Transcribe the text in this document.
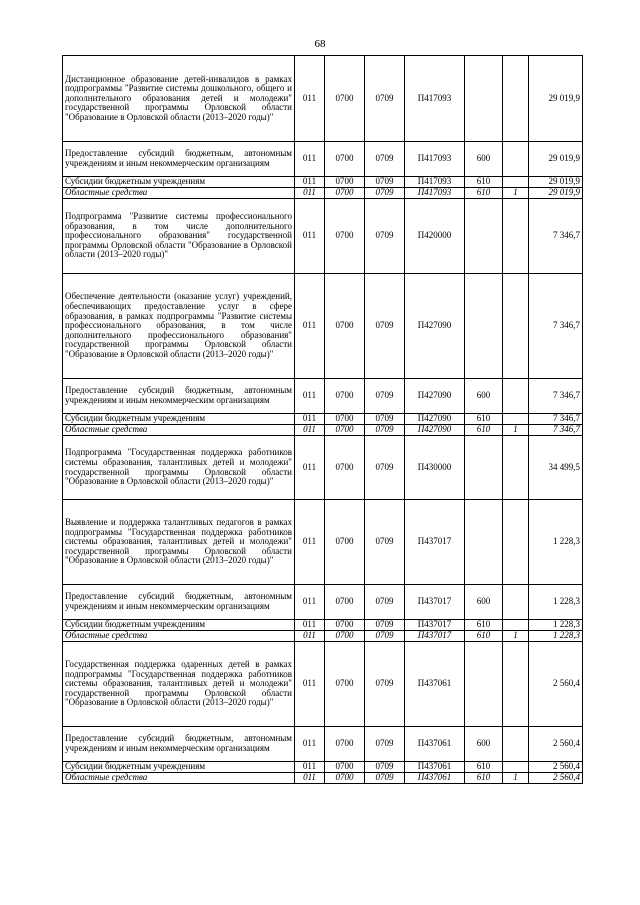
68
Дистанционное образование детей-инвалидов в рамках подпрограммы "Развитие системы дошкольного, общего и дополнительного образования детей и молодежи" государственной программы Орловской области "Образование в Орловской области (2013–2020 годы)"	011	0700	0709	П417093			29 019,9
Предоставление субсидий бюджетным, автономным учреждениям и иным некоммерческим организациям	011	0700	0709	П417093	600		29 019,9
Субсидии бюджетным учреждениям	011	0700	0709	П417093	610		29 019,9
Областные средства	011	0700	0709	П417093	610	1	29 019,9
Подпрограмма "Развитие системы профессионального образования, в том числе дополнительного профессионального образования" государственной программы Орловской области "Образование в Орловской области (2013–2020 годы)"	011	0700	0709	П420000			7 346,7
Обеспечение деятельности (оказание услуг) учреждений, обеспечивающих предоставление услуг в сфере образования, в рамках подпрограммы "Развитие системы профессионального образования, в том числе дополнительного профессионального образования" государственной программы Орловской области "Образование в Орловской области (2013–2020 годы)"	011	0700	0709	П427090			7 346,7
Предоставление субсидий бюджетным, автономным учреждениям и иным некоммерческим организациям	011	0700	0709	П427090	600		7 346,7
Субсидии бюджетным учреждениям	011	0700	0709	П427090	610		7 346,7
Областные средства	011	0700	0709	П427090	610	1	7 346,7
Подпрограмма "Государственная поддержка работников системы образования, талантливых детей и молодежи" государственной программы Орловской области "Образование в Орловской области (2013–2020 годы)"	011	0700	0709	П430000			34 499,5
Выявление и поддержка талантливых педагогов в рамках подпрограммы "Государственная поддержка работников системы образования, талантливых детей и молодежи" государственной программы Орловской области "Образование в Орловской области (2013–2020 годы)"	011	0700	0709	П437017			1 228,3
Предоставление субсидий бюджетным, автономным учреждениям и иным некоммерческим организациям	011	0700	0709	П437017	600		1 228,3
Субсидии бюджетным учреждениям	011	0700	0709	П437017	610		1 228,3
Областные средства	011	0700	0709	П437017	610	1	1 228,3
Государственная поддержка одаренных детей в рамках подпрограммы "Государственная поддержка работников системы образования, талантливых детей и молодежи" государственной программы Орловской области "Образование в Орловской области (2013–2020 годы)"	011	0700	0709	П437061			2 560,4
Предоставление субсидий бюджетным, автономным учреждениям и иным некоммерческим организациям	011	0700	0709	П437061	600		2 560,4
Субсидии бюджетным учреждениям	011	0700	0709	П437061	610		2 560,4
Областные средства	011	0700	0709	П437061	610	1	2 560,4
